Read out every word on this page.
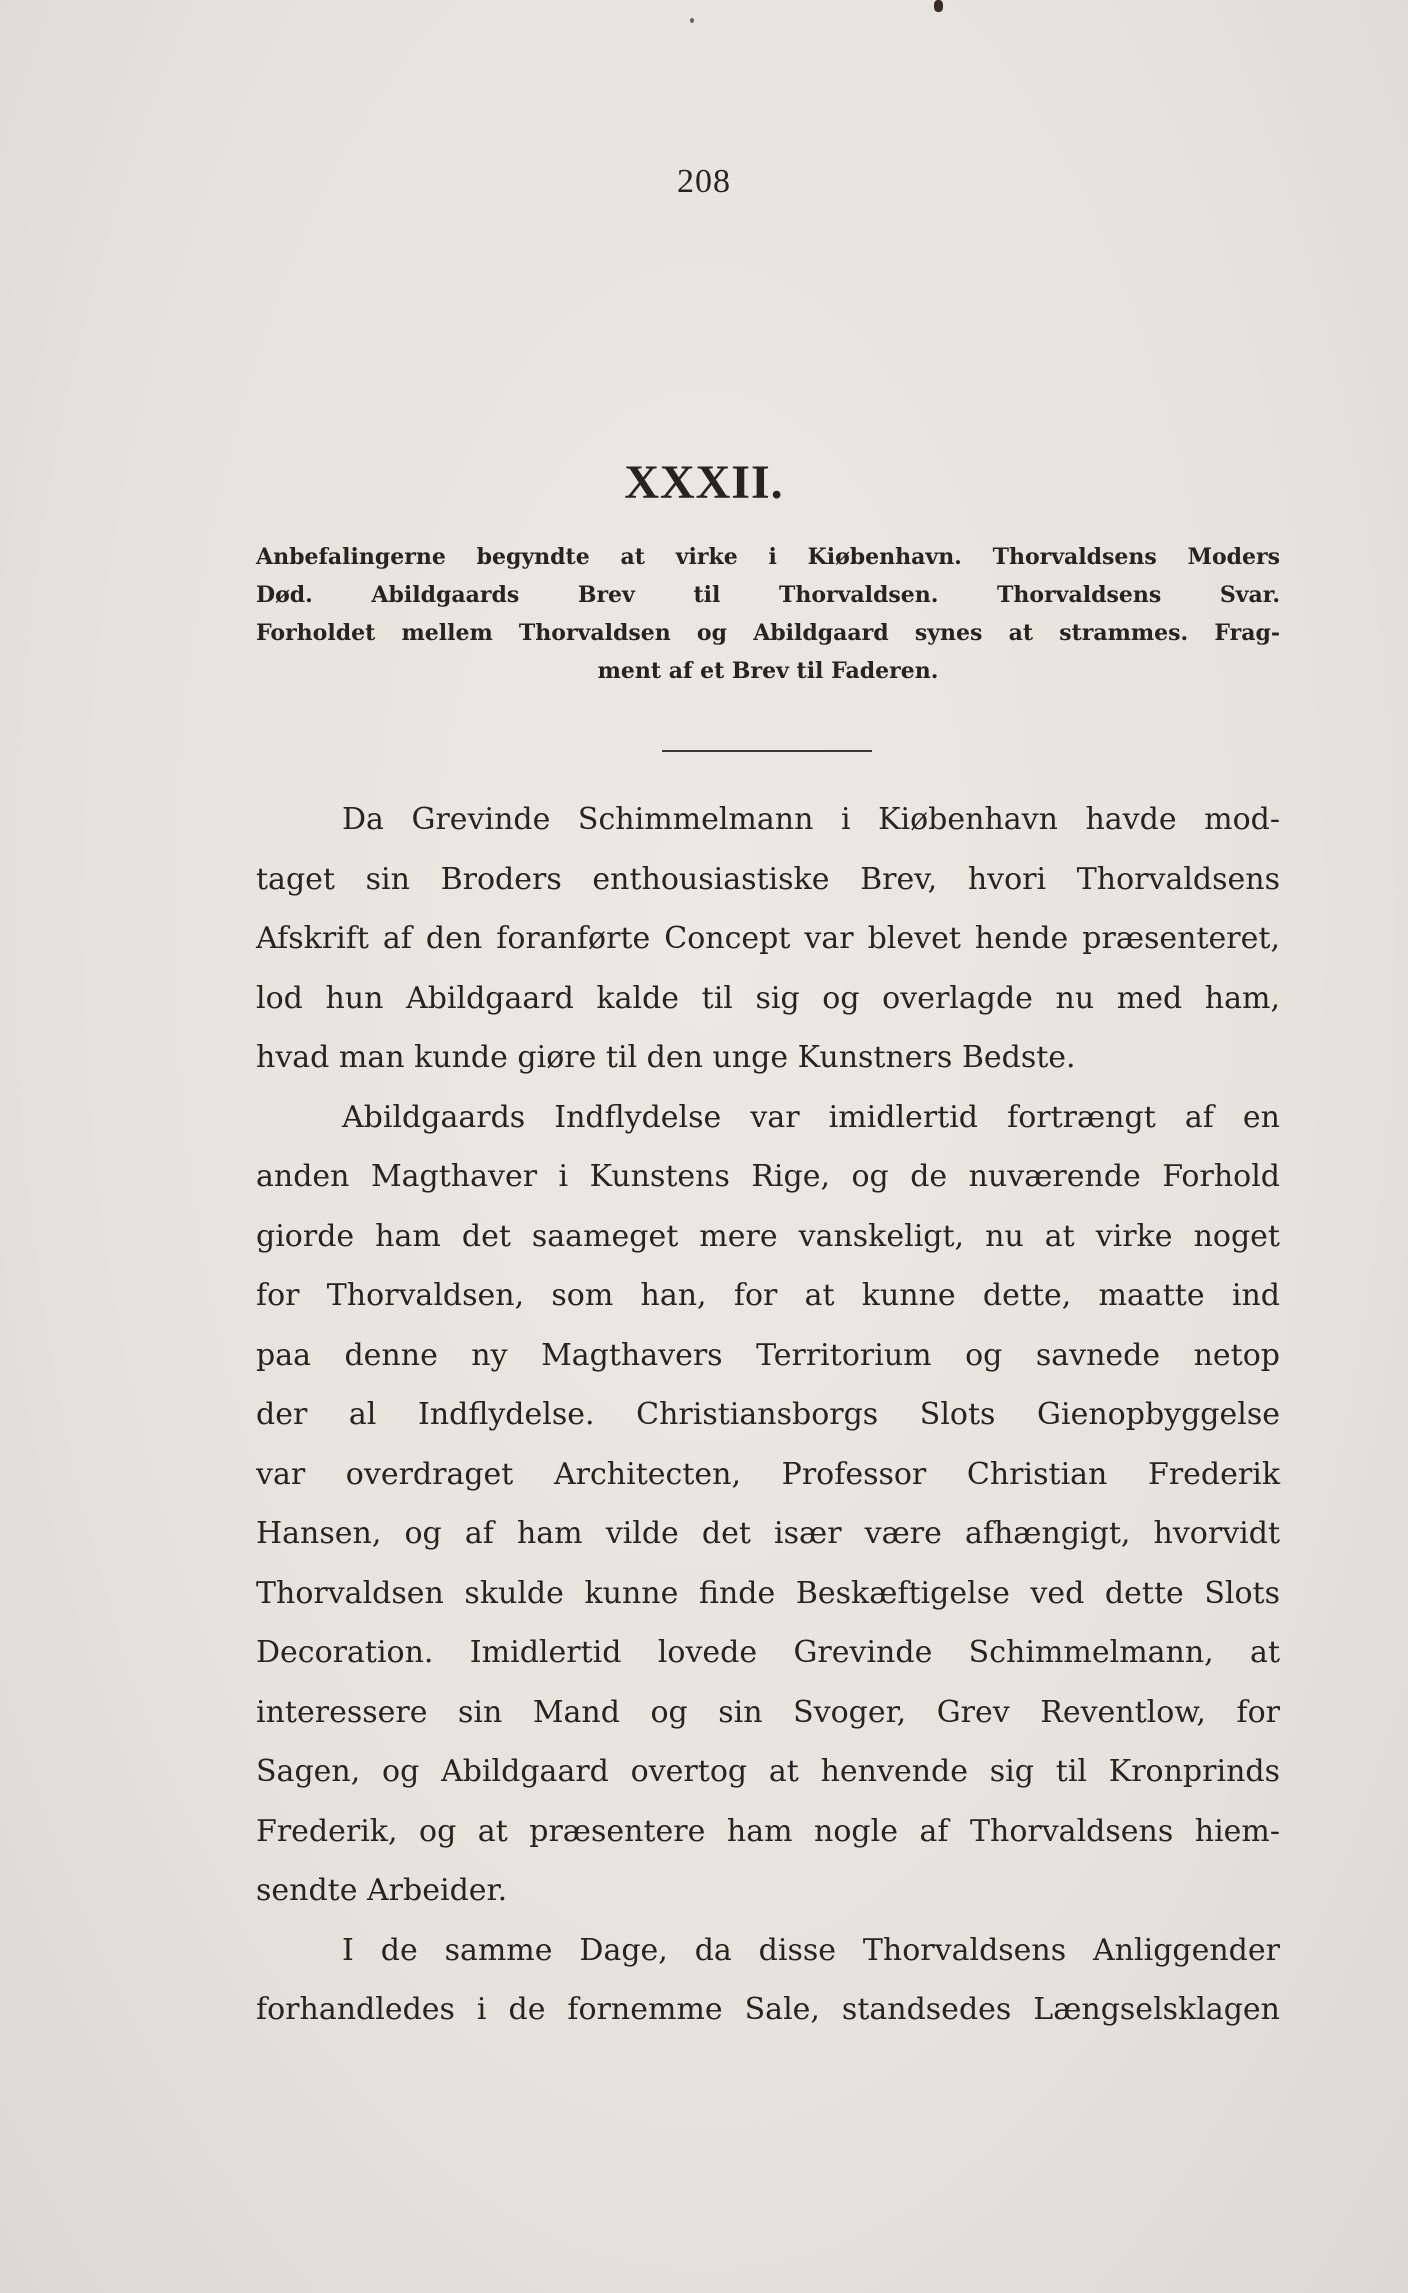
208
XXXII.
Anbefalingerne begyndte at virke i Kiøbenhavn. Thorvaldsens Moders
Død. Abildgaards Brev til Thorvaldsen. Thorvaldsens Svar.
Forholdet mellem Thorvaldsen og Abildgaard synes at strammes. Frag-
ment af et Brev til Faderen.
Da Grevinde Schimmelmann i Kiøbenhavn havde mod-
taget sin Broders enthousiastiske Brev, hvori Thorvaldsens
Afskrift af den foranførte Concept var blevet hende præsenteret,
lod hun Abildgaard kalde til sig og overlagde nu med ham,
hvad man kunde giøre til den unge Kunstners Bedste.
Abildgaards Indflydelse var imidlertid fortrængt af en
anden Magthaver i Kunstens Rige, og de nuværende Forhold
giorde ham det saameget mere vanskeligt, nu at virke noget
for Thorvaldsen, som han, for at kunne dette, maatte ind
paa denne ny Magthavers Territorium og savnede netop
der al Indflydelse. Christiansborgs Slots Gienopbyggelse
var overdraget Architecten, Professor Christian Frederik
Hansen, og af ham vilde det især være afhængigt, hvorvidt
Thorvaldsen skulde kunne finde Beskæftigelse ved dette Slots
Decoration. Imidlertid lovede Grevinde Schimmelmann, at
interessere sin Mand og sin Svoger, Grev Reventlow, for
Sagen, og Abildgaard overtog at henvende sig til Kronprinds
Frederik, og at præsentere ham nogle af Thorvaldsens hiem-
sendte Arbeider.
I de samme Dage, da disse Thorvaldsens Anliggender
forhandledes i de fornemme Sale, standsedes Længselsklagen
